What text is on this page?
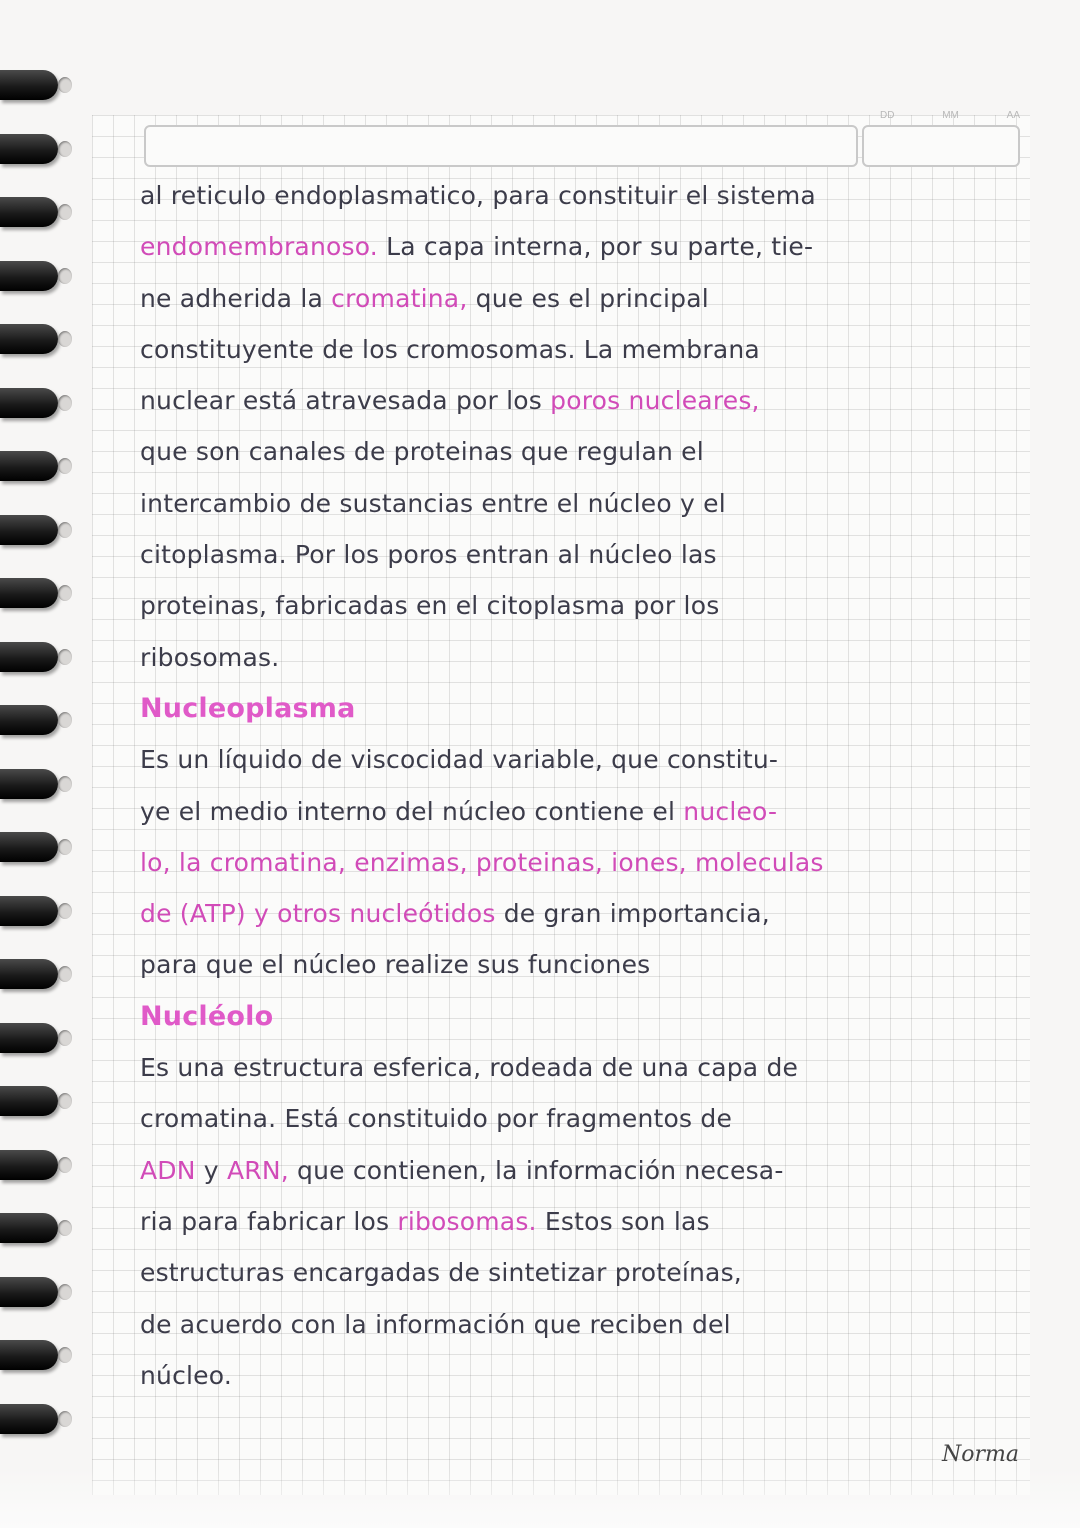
DD	MM	AA
al reticulo endoplasmatico, para constituir el sistema
endomembranoso. La capa interna, por su parte, tie-
ne adherida la cromatina, que es el principal
constituyente de los cromosomas. La membrana
nuclear está atravesada por los poros nucleares,
que son canales de proteinas que regulan el
intercambio de sustancias entre el núcleo y el
citoplasma. Por los poros entran al núcleo las
proteinas, fabricadas en el citoplasma por los
ribosomas.
Nucleoplasma
Es un líquido de viscocidad variable, que constitu-
ye el medio interno del núcleo contiene el nucleo-
lo, la cromatina, enzimas, proteinas, iones, moleculas
de (ATP) y otros nucleótidos de gran importancia,
para que el núcleo realize sus funciones
Nucléolo
Es una estructura esferica, rodeada de una capa de
cromatina. Está constituido por fragmentos de
ADN y ARN, que contienen, la información necesa-
ria para fabricar los ribosomas. Estos son las
estructuras encargadas de sintetizar proteínas,
de acuerdo con la información que reciben del
núcleo.
Norma
